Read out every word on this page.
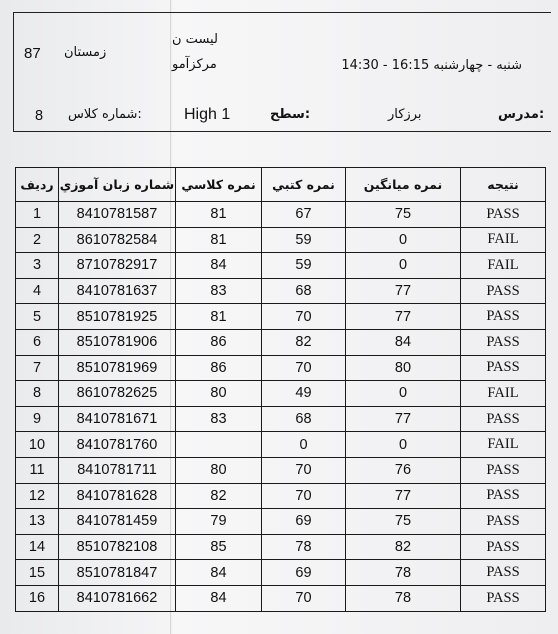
87 زمستان
لیست ن
مرکزآمو	شنبه - چهارشنبه 16:15 - 14:30
8 شماره کلاس:	High 1	سطح:	برزکار	مدرس:
ردیف	شماره زبان آموزي	نمره کلاسي	نمره کتبي	نمره میانگین	نتیجه
1	8410781587	81	67	75	PASS
2	8610782584	81	59	0	FAIL
3	8710782917	84	59	0	FAIL
4	8410781637	83	68	77	PASS
5	8510781925	81	70	77	PASS
6	8510781906	86	82	84	PASS
7	8510781969	86	70	80	PASS
8	8610782625	80	49	0	FAIL
9	8410781671	83	68	77	PASS
10	8410781760		0	0	FAIL
11	8410781711	80	70	76	PASS
12	8410781628	82	70	77	PASS
13	8410781459	79	69	75	PASS
14	8510782108	85	78	82	PASS
15	8510781847	84	69	78	PASS
16	8410781662	84	70	78	PASS
